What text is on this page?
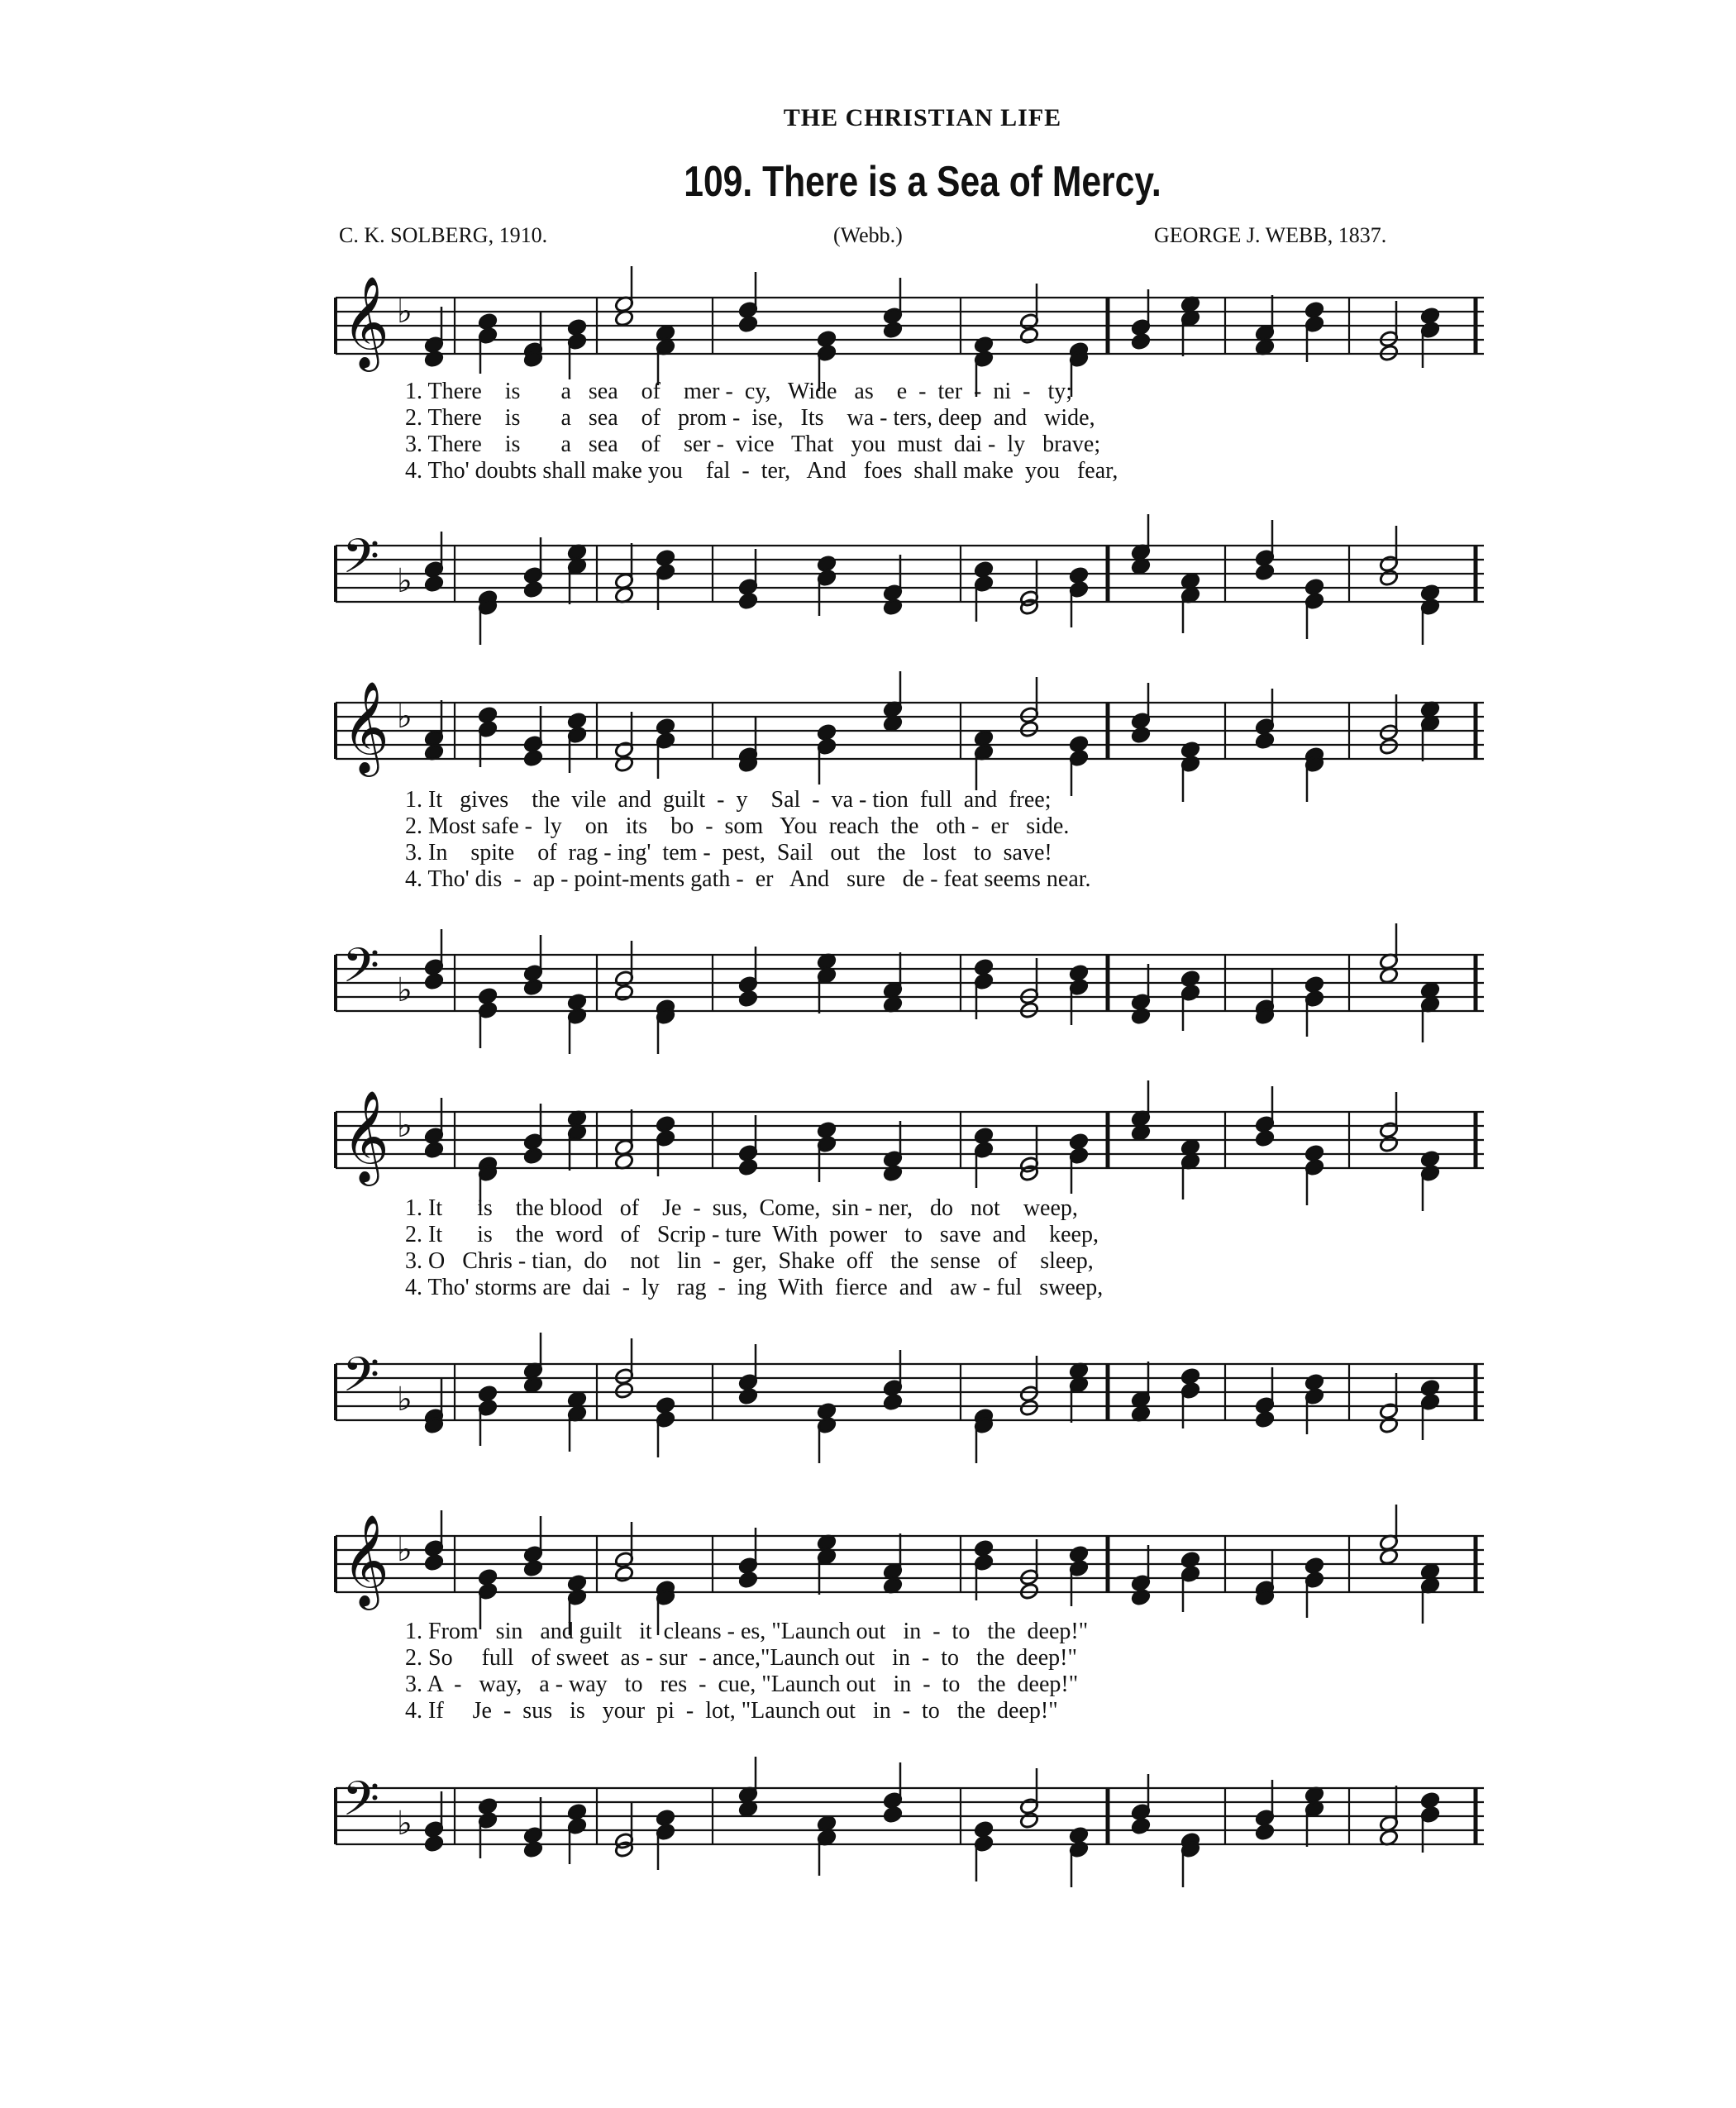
THE CHRISTIAN LIFE
109. There is a Sea of Mercy.
C. K. SOLBERG, 1910.	(Webb.)	GEORGE J. WEBB, 1837.
𝄞 ♭
𝄢 ♭
1. There    is       a   sea    of    mer -  cy,   Wide   as    e  -  ter  -  ni  -   ty;
2. There    is       a   sea    of   prom -  ise,   Its    wa - ters, deep  and   wide,
3. There    is       a   sea    of    ser -  vice   That   you  must  dai -  ly   brave;
4. Tho' doubts shall make you    fal  -  ter,   And   foes  shall make  you   fear,
𝄞 ♭
𝄢 ♭
1. It   gives    the  vile  and  guilt  -  y    Sal  -  va - tion  full  and  free;
2. Most safe -  ly    on   its    bo  -  som   You  reach  the   oth -  er   side.
3. In    spite    of  rag - ing'  tem -  pest,  Sail   out   the   lost   to  save!
4. Tho' dis  -  ap - point-ments gath -  er   And   sure   de - feat seems near.
𝄞 ♭
𝄢 ♭
1. It      is    the blood   of    Je  -  sus,  Come,  sin - ner,   do   not    weep,
2. It      is    the  word   of   Scrip - ture  With  power   to   save  and    keep,
3. O   Chris - tian,  do    not   lin  -  ger,  Shake  off   the  sense   of    sleep,
4. Tho' storms are  dai  -  ly   rag  -  ing  With  fierce  and   aw - ful   sweep,
𝄞 ♭
𝄢 ♭
1. From   sin   and guilt   it  cleans - es, "Launch out   in  -  to   the  deep!"
2. So     full   of sweet  as - sur  - ance,"Launch out   in  -  to   the  deep!"
3. A  -   way,   a - way   to   res  -  cue, "Launch out   in  -  to   the  deep!"
4. If     Je  -  sus   is   your  pi  -  lot, "Launch out   in  -  to   the  deep!"
